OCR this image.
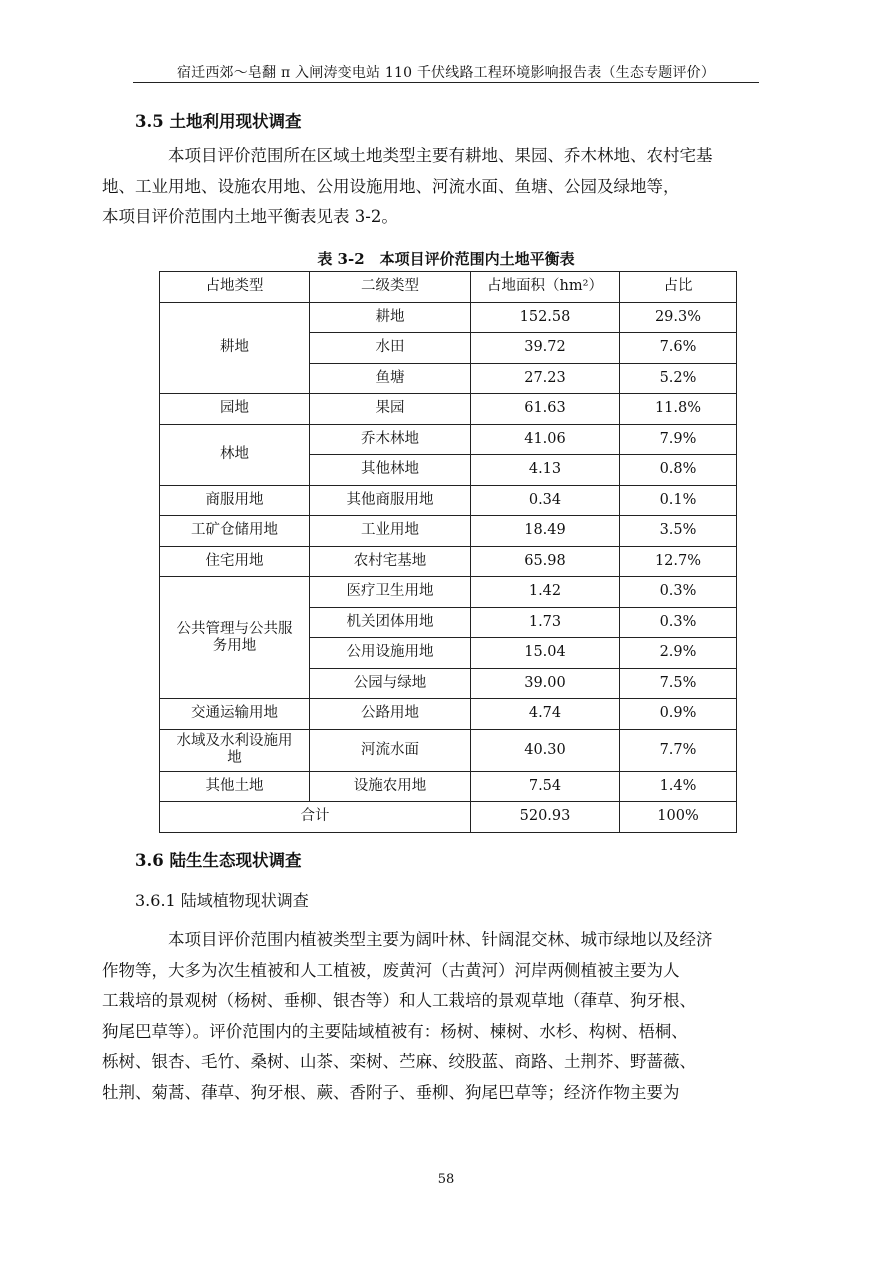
宿迁西郊～皂翻 π 入闸涛变电站 110 千伏线路工程环境影响报告表（生态专题评价）
3.5 土地利用现状调查
本项目评价范围所在区域土地类型主要有耕地、果园、乔木林地、农村宅基
地、工业用地、设施农用地、公用设施用地、河流水面、鱼塘、公园及绿地等，
本项目评价范围内土地平衡表见表 3-2。
表 3-2　本项目评价范围内土地平衡表
占地类型	二级类型	占地面积（hm²）	占比
耕地	耕地	152.58	29.3%
	水田	39.72	7.6%
	鱼塘	27.23	5.2%
园地	果园	61.63	11.8%
林地	乔木林地	41.06	7.9%
	其他林地	4.13	0.8%
商服用地	其他商服用地	0.34	0.1%
工矿仓储用地	工业用地	18.49	3.5%
住宅用地	农村宅基地	65.98	12.7%
公共管理与公共服务用地	医疗卫生用地	1.42	0.3%
	机关团体用地	1.73	0.3%
	公用设施用地	15.04	2.9%
	公园与绿地	39.00	7.5%
交通运输用地	公路用地	4.74	0.9%
水域及水利设施用地	河流水面	40.30	7.7%
其他土地	设施农用地	7.54	1.4%
合计		520.93	100%
3.6 陆生生态现状调查
3.6.1 陆域植物现状调查
本项目评价范围内植被类型主要为阔叶林、针阔混交林、城市绿地以及经济
作物等，大多为次生植被和人工植被，废黄河（古黄河）河岸两侧植被主要为人
工栽培的景观树（杨树、垂柳、银杏等）和人工栽培的景观草地（葎草、狗牙根、
狗尾巴草等）。评价范围内的主要陆域植被有：杨树、楝树、水杉、构树、梧桐、
栎树、银杏、毛竹、桑树、山茶、栾树、苎麻、绞股蓝、商路、土荆芥、野蔷薇、
牡荆、菊蒿、葎草、狗牙根、蕨、香附子、垂柳、狗尾巴草等；经济作物主要为
58
